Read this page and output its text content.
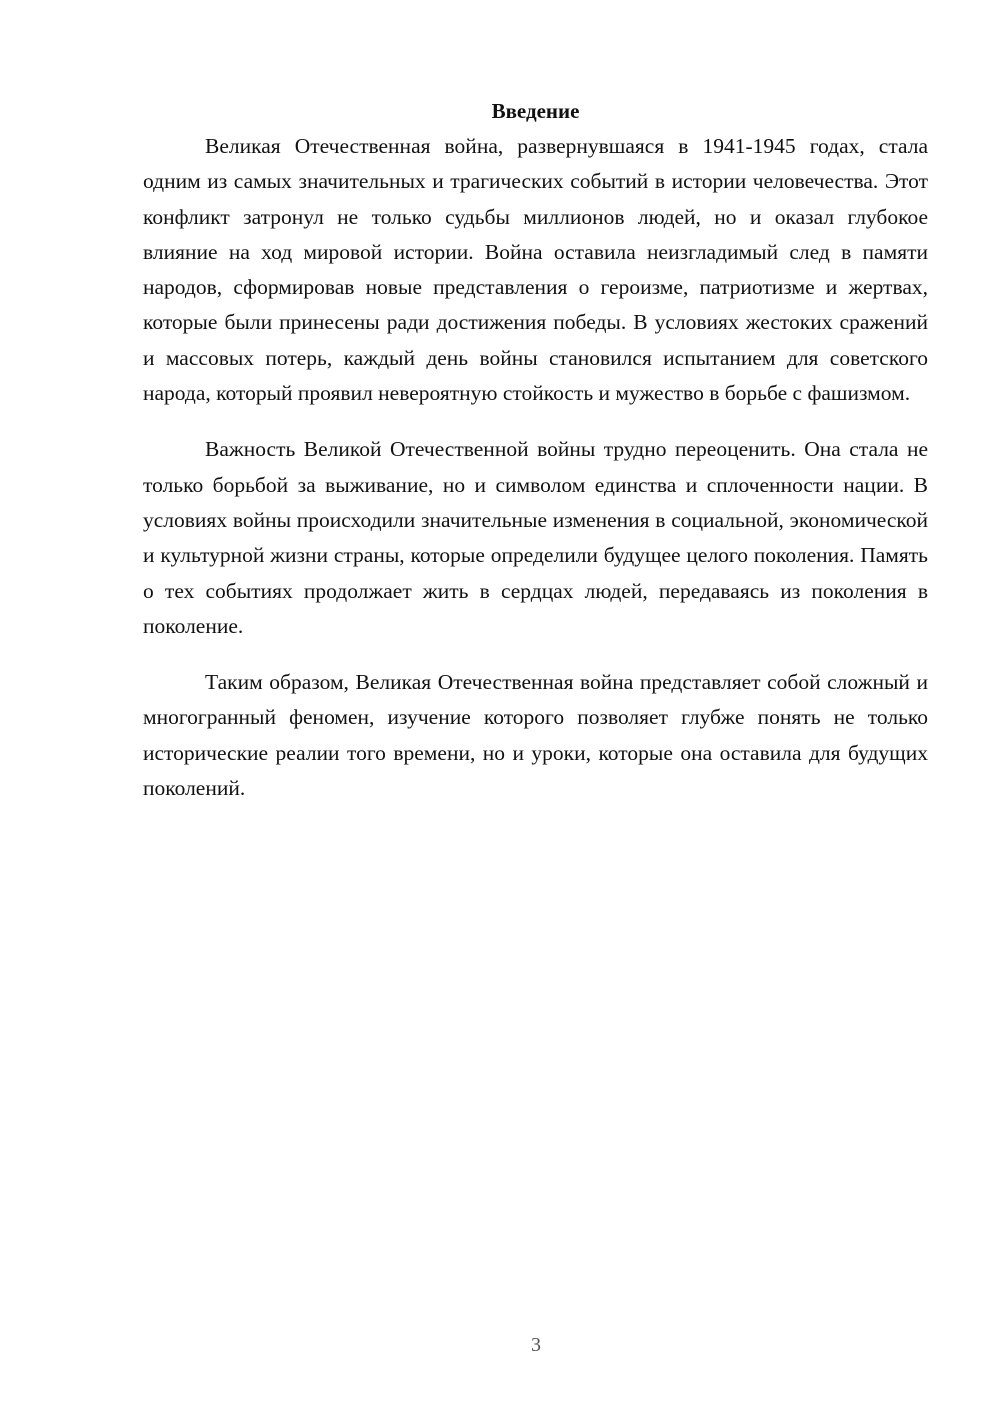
Введение

Великая Отечественная война, развернувшаяся в 1941-1945 годах, стала одним из самых значительных и трагических событий в истории человечества. Этот конфликт затронул не только судьбы миллионов людей, но и оказал глубокое влияние на ход мировой истории. Война оставила неизгладимый след в памяти народов, сформировав новые представления о героизме, патриотизме и жертвах, которые были принесены ради достижения победы. В условиях жестоких сражений и массовых потерь, каждый день войны становился испытанием для советского народа, который проявил невероятную стойкость и мужество в борьбе с фашизмом.

Важность Великой Отечественной войны трудно переоценить. Она стала не только борьбой за выживание, но и символом единства и сплоченности нации. В условиях войны происходили значительные изменения в социальной, экономической и культурной жизни страны, которые определили будущее целого поколения. Память о тех событиях продолжает жить в сердцах людей, передаваясь из поколения в поколение.

Таким образом, Великая Отечественная война представляет собой сложный и многогранный феномен, изучение которого позволяет глубже понять не только исторические реалии того времени, но и уроки, которые она оставила для будущих поколений.

3
